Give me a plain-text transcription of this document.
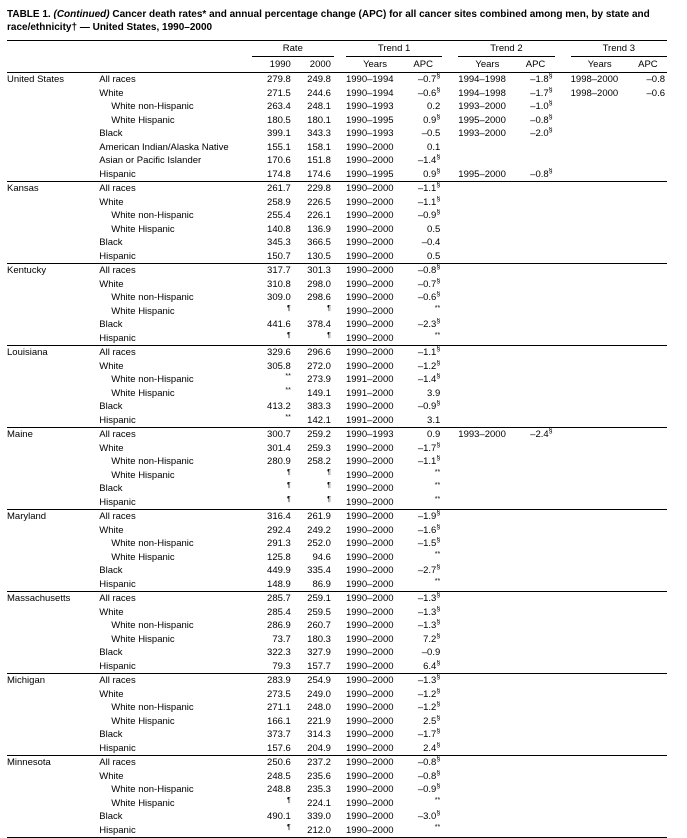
TABLE 1. (Continued) Cancer death rates* and annual percentage change (APC) for all cancer sites combined among men, by state and race/ethnicity† — United States, 1990–2000

		Rate			Trend 1			Trend 2			Trend 3	
		1990	2000		Years	APC		Years	APC		Years	APC
United States	All races	279.8	249.8		1990–1994	–0.7§		1994–1998	–1.8§		1998–2000	–0.8
	White	271.5	244.6		1990–1994	–0.6§		1994–1998	–1.7§		1998–2000	–0.6
	White non-Hispanic	263.4	248.1		1990–1993	0.2		1993–2000	–1.0§			
	White Hispanic	180.5	180.1		1990–1995	0.9§		1995–2000	–0.8§			
	Black	399.1	343.3		1990–1993	–0.5		1993–2000	–2.0§			
	American Indian/Alaska Native	155.1	158.1		1990–2000	0.1						
	Asian or Pacific Islander	170.6	151.8		1990–2000	–1.4§						
	Hispanic	174.8	174.6		1990–1995	0.9§		1995–2000	–0.8§			
Kansas	All races	261.7	229.8		1990–2000	–1.1§						
	White	258.9	226.5		1990–2000	–1.1§						
	White non-Hispanic	255.4	226.1		1990–2000	–0.9§						
	White Hispanic	140.8	136.9		1990–2000	0.5						
	Black	345.3	366.5		1990–2000	–0.4						
	Hispanic	150.7	130.5		1990–2000	0.5						
Kentucky	All races	317.7	301.3		1990–2000	–0.8§						
	White	310.8	298.0		1990–2000	–0.7§						
	White non-Hispanic	309.0	298.6		1990–2000	–0.6§						
	White Hispanic	¶	¶		1990–2000	**						
	Black	441.6	378.4		1990–2000	–2.3§						
	Hispanic	¶	¶		1990–2000	**						
Louisiana	All races	329.6	296.6		1990–2000	–1.1§						
	White	305.8	272.0		1990–2000	–1.2§						
	White non-Hispanic	**	273.9		1991–2000	–1.4§						
	White Hispanic	**	149.1		1991–2000	3.9						
	Black	413.2	383.3		1990–2000	–0.9§						
	Hispanic	**	142.1		1991–2000	3.1						
Maine	All races	300.7	259.2		1990–1993	0.9		1993–2000	–2.4§			
	White	301.4	259.3		1990–2000	–1.7§						
	White non-Hispanic	280.9	258.2		1990–2000	–1.1§						
	White Hispanic	¶	¶		1990–2000	**						
	Black	¶	¶		1990–2000	**						
	Hispanic	¶	¶		1990–2000	**						
Maryland	All races	316.4	261.9		1990–2000	–1.9§						
	White	292.4	249.2		1990–2000	–1.6§						
	White non-Hispanic	291.3	252.0		1990–2000	–1.5§						
	White Hispanic	125.8	94.6		1990–2000	**						
	Black	449.9	335.4		1990–2000	–2.7§						
	Hispanic	148.9	86.9		1990–2000	**						
Massachusetts	All races	285.7	259.1		1990–2000	–1.3§						
	White	285.4	259.5		1990–2000	–1.3§						
	White non-Hispanic	286.9	260.7		1990–2000	–1.3§						
	White Hispanic	73.7	180.3		1990–2000	7.2§						
	Black	322.3	327.9		1990–2000	–0.9						
	Hispanic	79.3	157.7		1990–2000	6.4§						
Michigan	All races	283.9	254.9		1990–2000	–1.3§						
	White	273.5	249.0		1990–2000	–1.2§						
	White non-Hispanic	271.1	248.0		1990–2000	–1.2§						
	White Hispanic	166.1	221.9		1990–2000	2.5§						
	Black	373.7	314.3		1990–2000	–1.7§						
	Hispanic	157.6	204.9		1990–2000	2.4§						
Minnesota	All races	250.6	237.2		1990–2000	–0.8§						
	White	248.5	235.6		1990–2000	–0.8§						
	White non-Hispanic	248.8	235.3		1990–2000	–0.9§						
	White Hispanic	¶	224.1		1990–2000	**						
	Black	490.1	339.0		1990–2000	–3.0§						
	Hispanic	¶	212.0		1990–2000	**						
